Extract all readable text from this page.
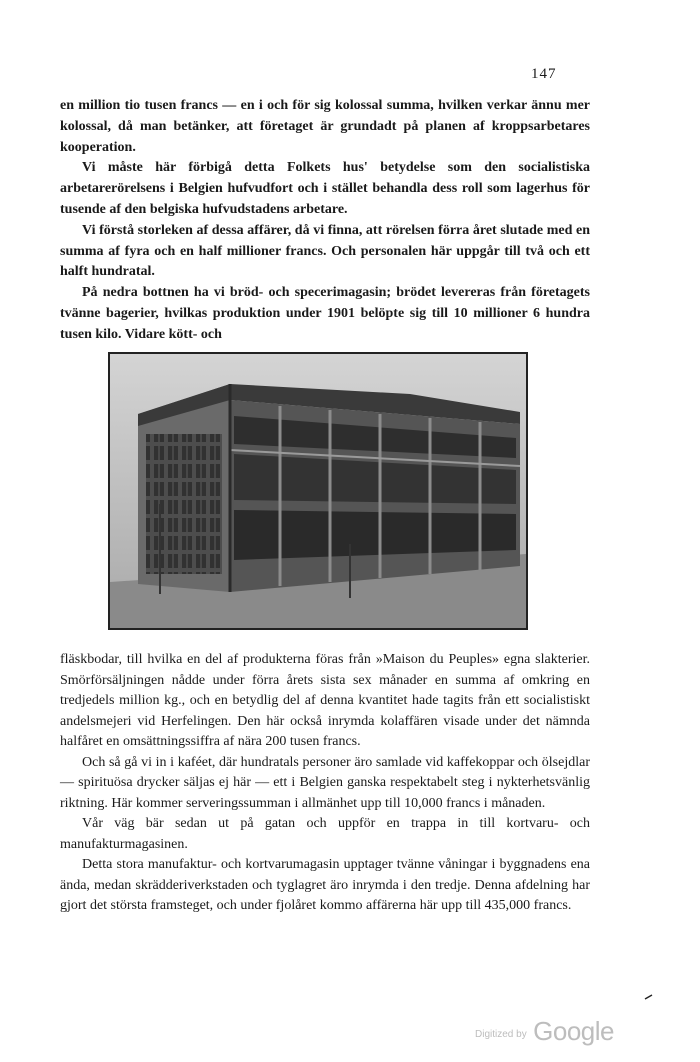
147

en million tio tusen francs — en i och för sig kolossal summa, hvilken verkar ännu mer kolossal, då man betänker, att företaget är grundadt på planen af kroppsarbetares kooperation.

Vi måste här förbigå detta Folkets hus' betydelse som den socialistiska arbetarerörelsens i Belgien hufvudfort och i stället behandla dess roll som lagerhus för tusende af den belgiska hufvudstadens arbetare.

Vi förstå storleken af dessa affärer, då vi finna, att rörelsen förra året slutade med en summa af fyra och en half millioner francs. Och personalen här uppgår till två och ett halft hundratal.

På nedra bottnen ha vi bröd- och specerimagasin; brödet levereras från företagets tvänne bagerier, hvilkas produktion under 1901 belöpte sig till 10 millioner 6 hundra tusen kilo. Vidare kött- och

fläskbodar, till hvilka en del af produkterna föras från »Maison du Peuples» egna slakterier. Smörförsäljningen nådde under förra årets sista sex månader en summa af omkring en tredjedels million kg., och en betydlig del af denna kvantitet hade tagits från ett socialistiskt andelsmejeri vid Herfelingen. Den här också inrymda kolaffären visade under det nämnda halfåret en omsättningssiffra af nära 200 tusen francs.

Och så gå vi in i kaféet, där hundratals personer äro samlade vid kaffekoppar och ölsejdlar — spirituösa drycker säljas ej här — ett i Belgien ganska respektabelt steg i nykterhetsvänlig riktning. Här kommer serveringssumman i allmänhet upp till 10,000 francs i månaden.

Vår väg bär sedan ut på gatan och uppför en trappa in till kortvaru- och manufakturmagasinen.

Detta stora manufaktur- och kortvarumagasin upptager tvänne våningar i byggnadens ena ända, medan skrädderiverkstaden och tyglagret äro inrymda i den tredje. Denna afdelning har gjort det största framsteget, och under fjolåret kommo affärerna här upp till 435,000 francs.

Digitized by Google
